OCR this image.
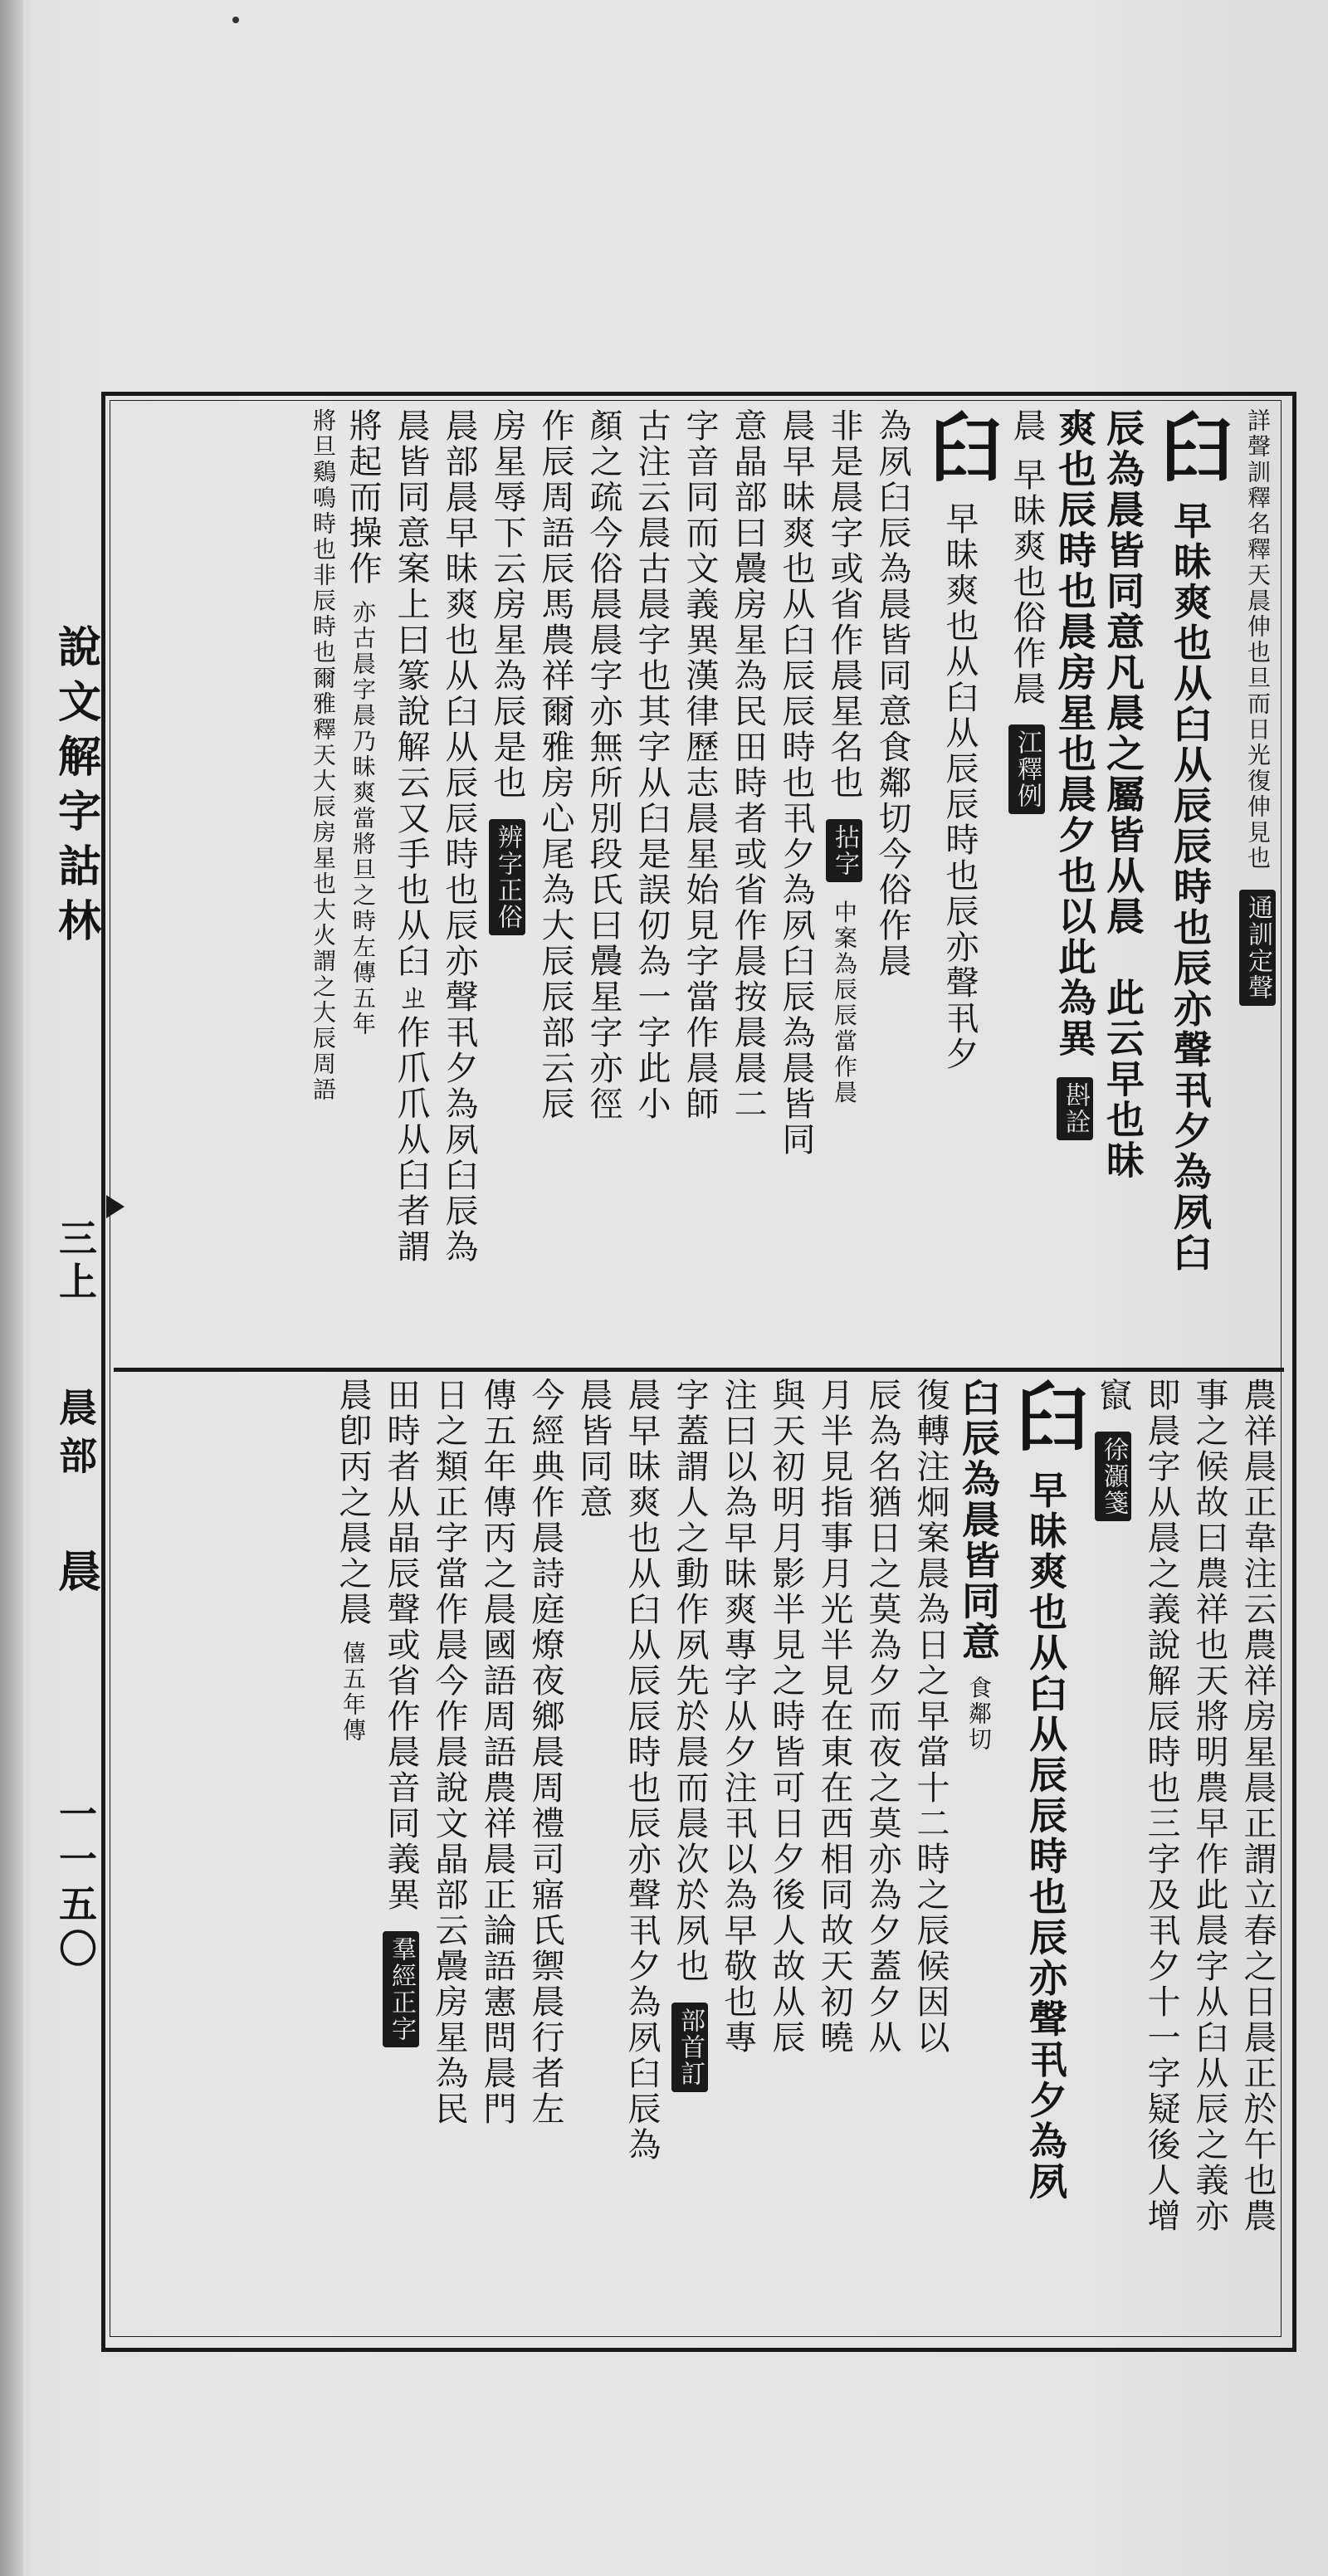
說文解字詁林
三上
晨部
晨
一一五〇
詳聲訓釋名釋天晨伸也旦而日光復伸見也 通訓定聲
𦥑 早昧爽也从臼从辰辰時也辰亦聲丮夕為夙臼
辰為晨皆同意凡晨之屬皆从晨　此云早也昧
爽也辰時也晨房星也晨夕也以此為異 斟詮
晨 早昧爽也俗作晨 江釋例
𦥑 早昧爽也从臼从辰辰時也辰亦聲丮夕
為夙臼辰為晨皆同意食鄰切今俗作晨
非是晨字或省作晨星名也 拈字 中案為辰辰當作晨
晨早昧爽也从臼辰辰時也丮夕為夙臼辰為晨皆同
意晶部曰曟房星為民田時者或省作晨按晨晨二
字音同而文義異漢律歷志晨星始見字當作晨師
古注云晨古晨字也其字从臼是誤仞為一字此小
顏之疏今俗晨晨字亦無所別段氏曰曟星字亦徑
作辰周語辰馬農祥爾雅房心尾為大辰辰部云辰
房星辱下云房星為辰是也 辨字正俗
晨部晨早昧爽也从臼从辰辰時也辰亦聲丮夕為夙臼辰為
晨皆同意案上曰篆說解云又手也从𦥑ㄓ作爪爪从臼者謂
將起而操作 亦古晨字晨乃昧爽當將旦之時左傳五年
將旦鷄鳴時也非辰時也爾雅釋天大辰房星也大火謂之大辰周語
農祥晨正韋注云農祥房星晨正謂立春之日晨正於午也農
事之候故曰農祥也天將明農早作此晨字从臼从辰之義亦
即晨字从晨之義說解辰時也三字及丮夕十一字疑後人增
竄 徐灝箋
𦥑 早昧爽也从臼从辰辰時也辰亦聲丮夕為夙
臼辰為晨皆同意 食鄰切
復轉注炯案晨為日之早當十二時之辰候因以
辰為名猶日之莫為夕而夜之莫亦為夕蓋夕从
月半見指事月光半見在東在西相同故天初曉
與天初明月影半見之時皆可日夕後人故从辰
注曰以為早昧爽專字从夕注丮以為早敬也專
字蓋謂人之動作夙先於晨而晨次於夙也 部首訂
晨早昧爽也从臼从辰辰時也辰亦聲丮夕為夙臼辰為
晨皆同意
今經典作晨詩庭燎夜鄉晨周禮司寤氏禦晨行者左
傳五年傳丙之晨國語周語農祥晨正論語憲問晨門
日之類正字當作晨今作晨說文晶部云曟房星為民
田時者从晶辰聲或省作晨音同義異 羣經正字
晨卽丙之晨之晨 僖五年傳
